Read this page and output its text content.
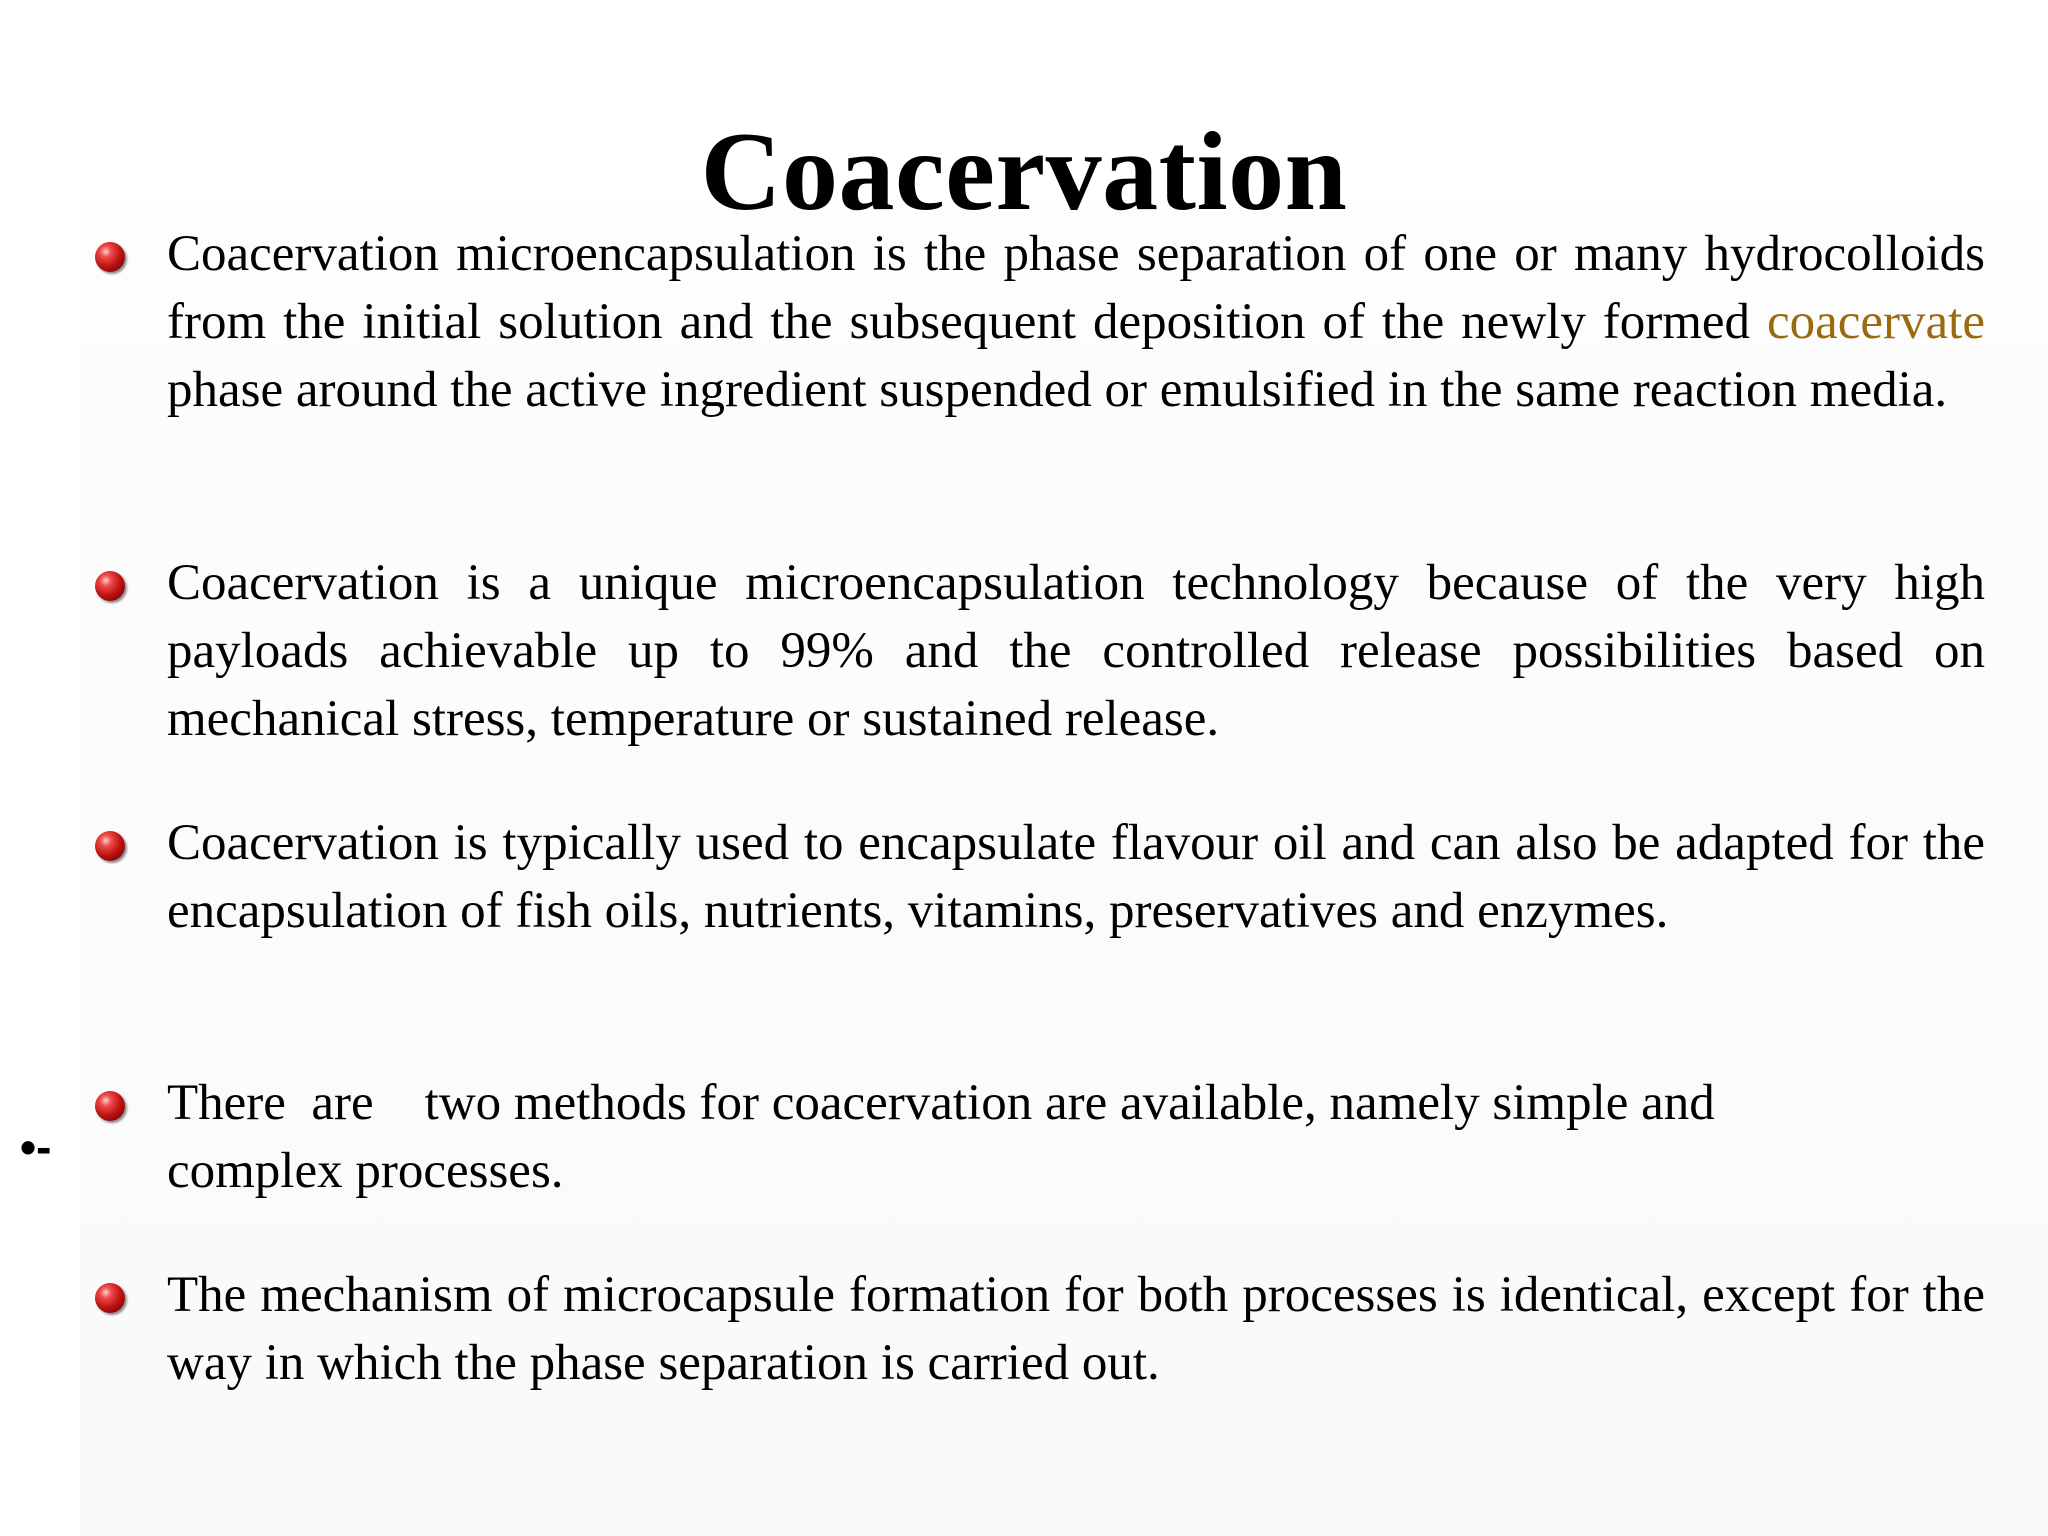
Coacervation

Coacervation microencapsulation is the phase separation of one or many hydrocolloids from the initial solution and the subsequent deposition of the newly formed coacervate phase around the active ingredient suspended or emulsified in the same reaction media.

Coacervation is a unique microencapsulation technology because of the very high payloads achievable up to 99% and the controlled release possibilities based on mechanical stress, temperature or sustained release.

Coacervation is typically used to encapsulate flavour oil and can also be adapted for the encapsulation of fish oils, nutrients, vitamins, preservatives and enzymes.

There  are    two methods for coacervation are available, namely simple and
complex processes.

The mechanism of microcapsule formation for both processes is identical, except for the way in which the phase separation is carried out.

•-
